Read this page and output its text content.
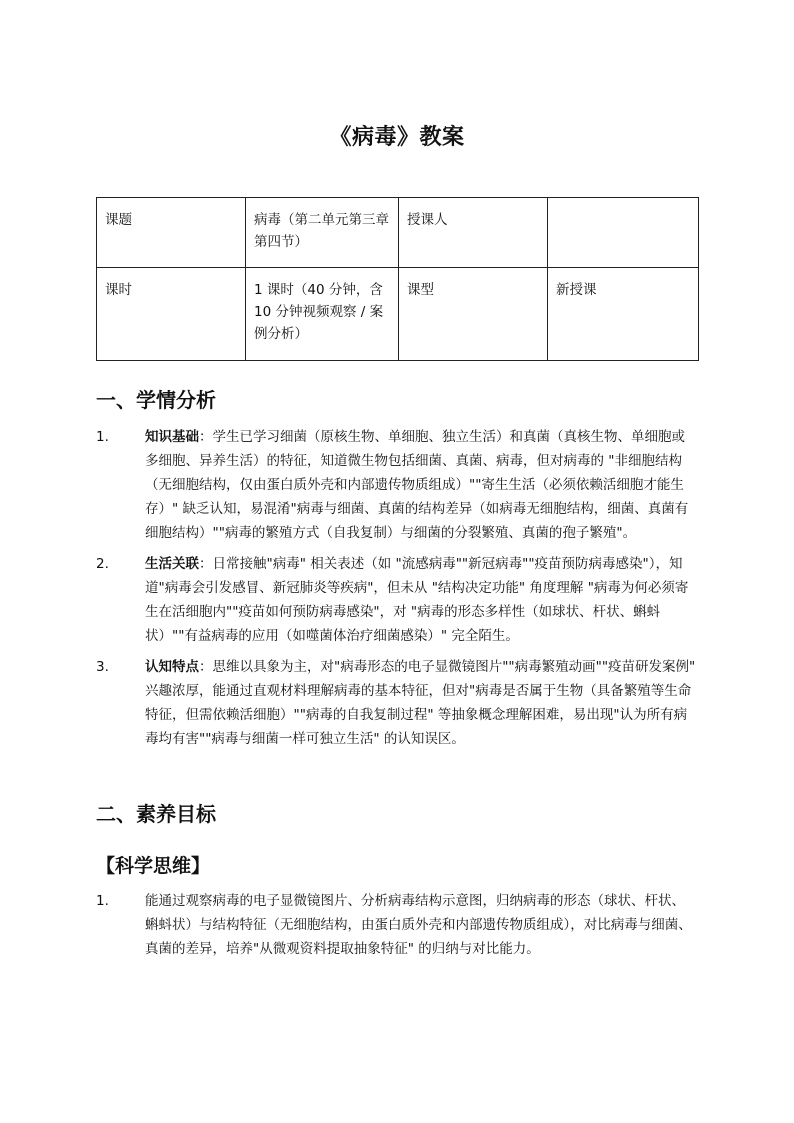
《病毒》教案
课题	病毒（第二单元第三章第四节）	授课人	
课时	1 课时（40 分钟，含 10 分钟视频观察 / 案例分析）	课型	新授课
一、学情分析
1.	知识基础：学生已学习细菌（原核生物、单细胞、独立生活）和真菌（真核生物、单细胞或多细胞、异养生活）的特征，知道微生物包括细菌、真菌、病毒，但对病毒的 "非细胞结构（无细胞结构，仅由蛋白质外壳和内部遗传物质组成）""寄生生活（必须依赖活细胞才能生存）" 缺乏认知，易混淆"病毒与细菌、真菌的结构差异（如病毒无细胞结构，细菌、真菌有细胞结构）""病毒的繁殖方式（自我复制）与细菌的分裂繁殖、真菌的孢子繁殖"。
2.	生活关联：日常接触"病毒" 相关表述（如 "流感病毒""新冠病毒""疫苗预防病毒感染"），知道"病毒会引发感冒、新冠肺炎等疾病"，但未从 "结构决定功能" 角度理解 "病毒为何必须寄生在活细胞内""疫苗如何预防病毒感染"，对 "病毒的形态多样性（如球状、杆状、蝌蚪状）""有益病毒的应用（如噬菌体治疗细菌感染）" 完全陌生。
3.	认知特点：思维以具象为主，对"病毒形态的电子显微镜图片""病毒繁殖动画""疫苗研发案例" 兴趣浓厚，能通过直观材料理解病毒的基本特征，但对"病毒是否属于生物（具备繁殖等生命特征，但需依赖活细胞）""病毒的自我复制过程" 等抽象概念理解困难，易出现"认为所有病毒均有害""病毒与细菌一样可独立生活" 的认知误区。
二、素养目标
【科学思维】
1.	能通过观察病毒的电子显微镜图片、分析病毒结构示意图，归纳病毒的形态（球状、杆状、蝌蚪状）与结构特征（无细胞结构，由蛋白质外壳和内部遗传物质组成），对比病毒与细菌、真菌的差异，培养"从微观资料提取抽象特征" 的归纳与对比能力。
